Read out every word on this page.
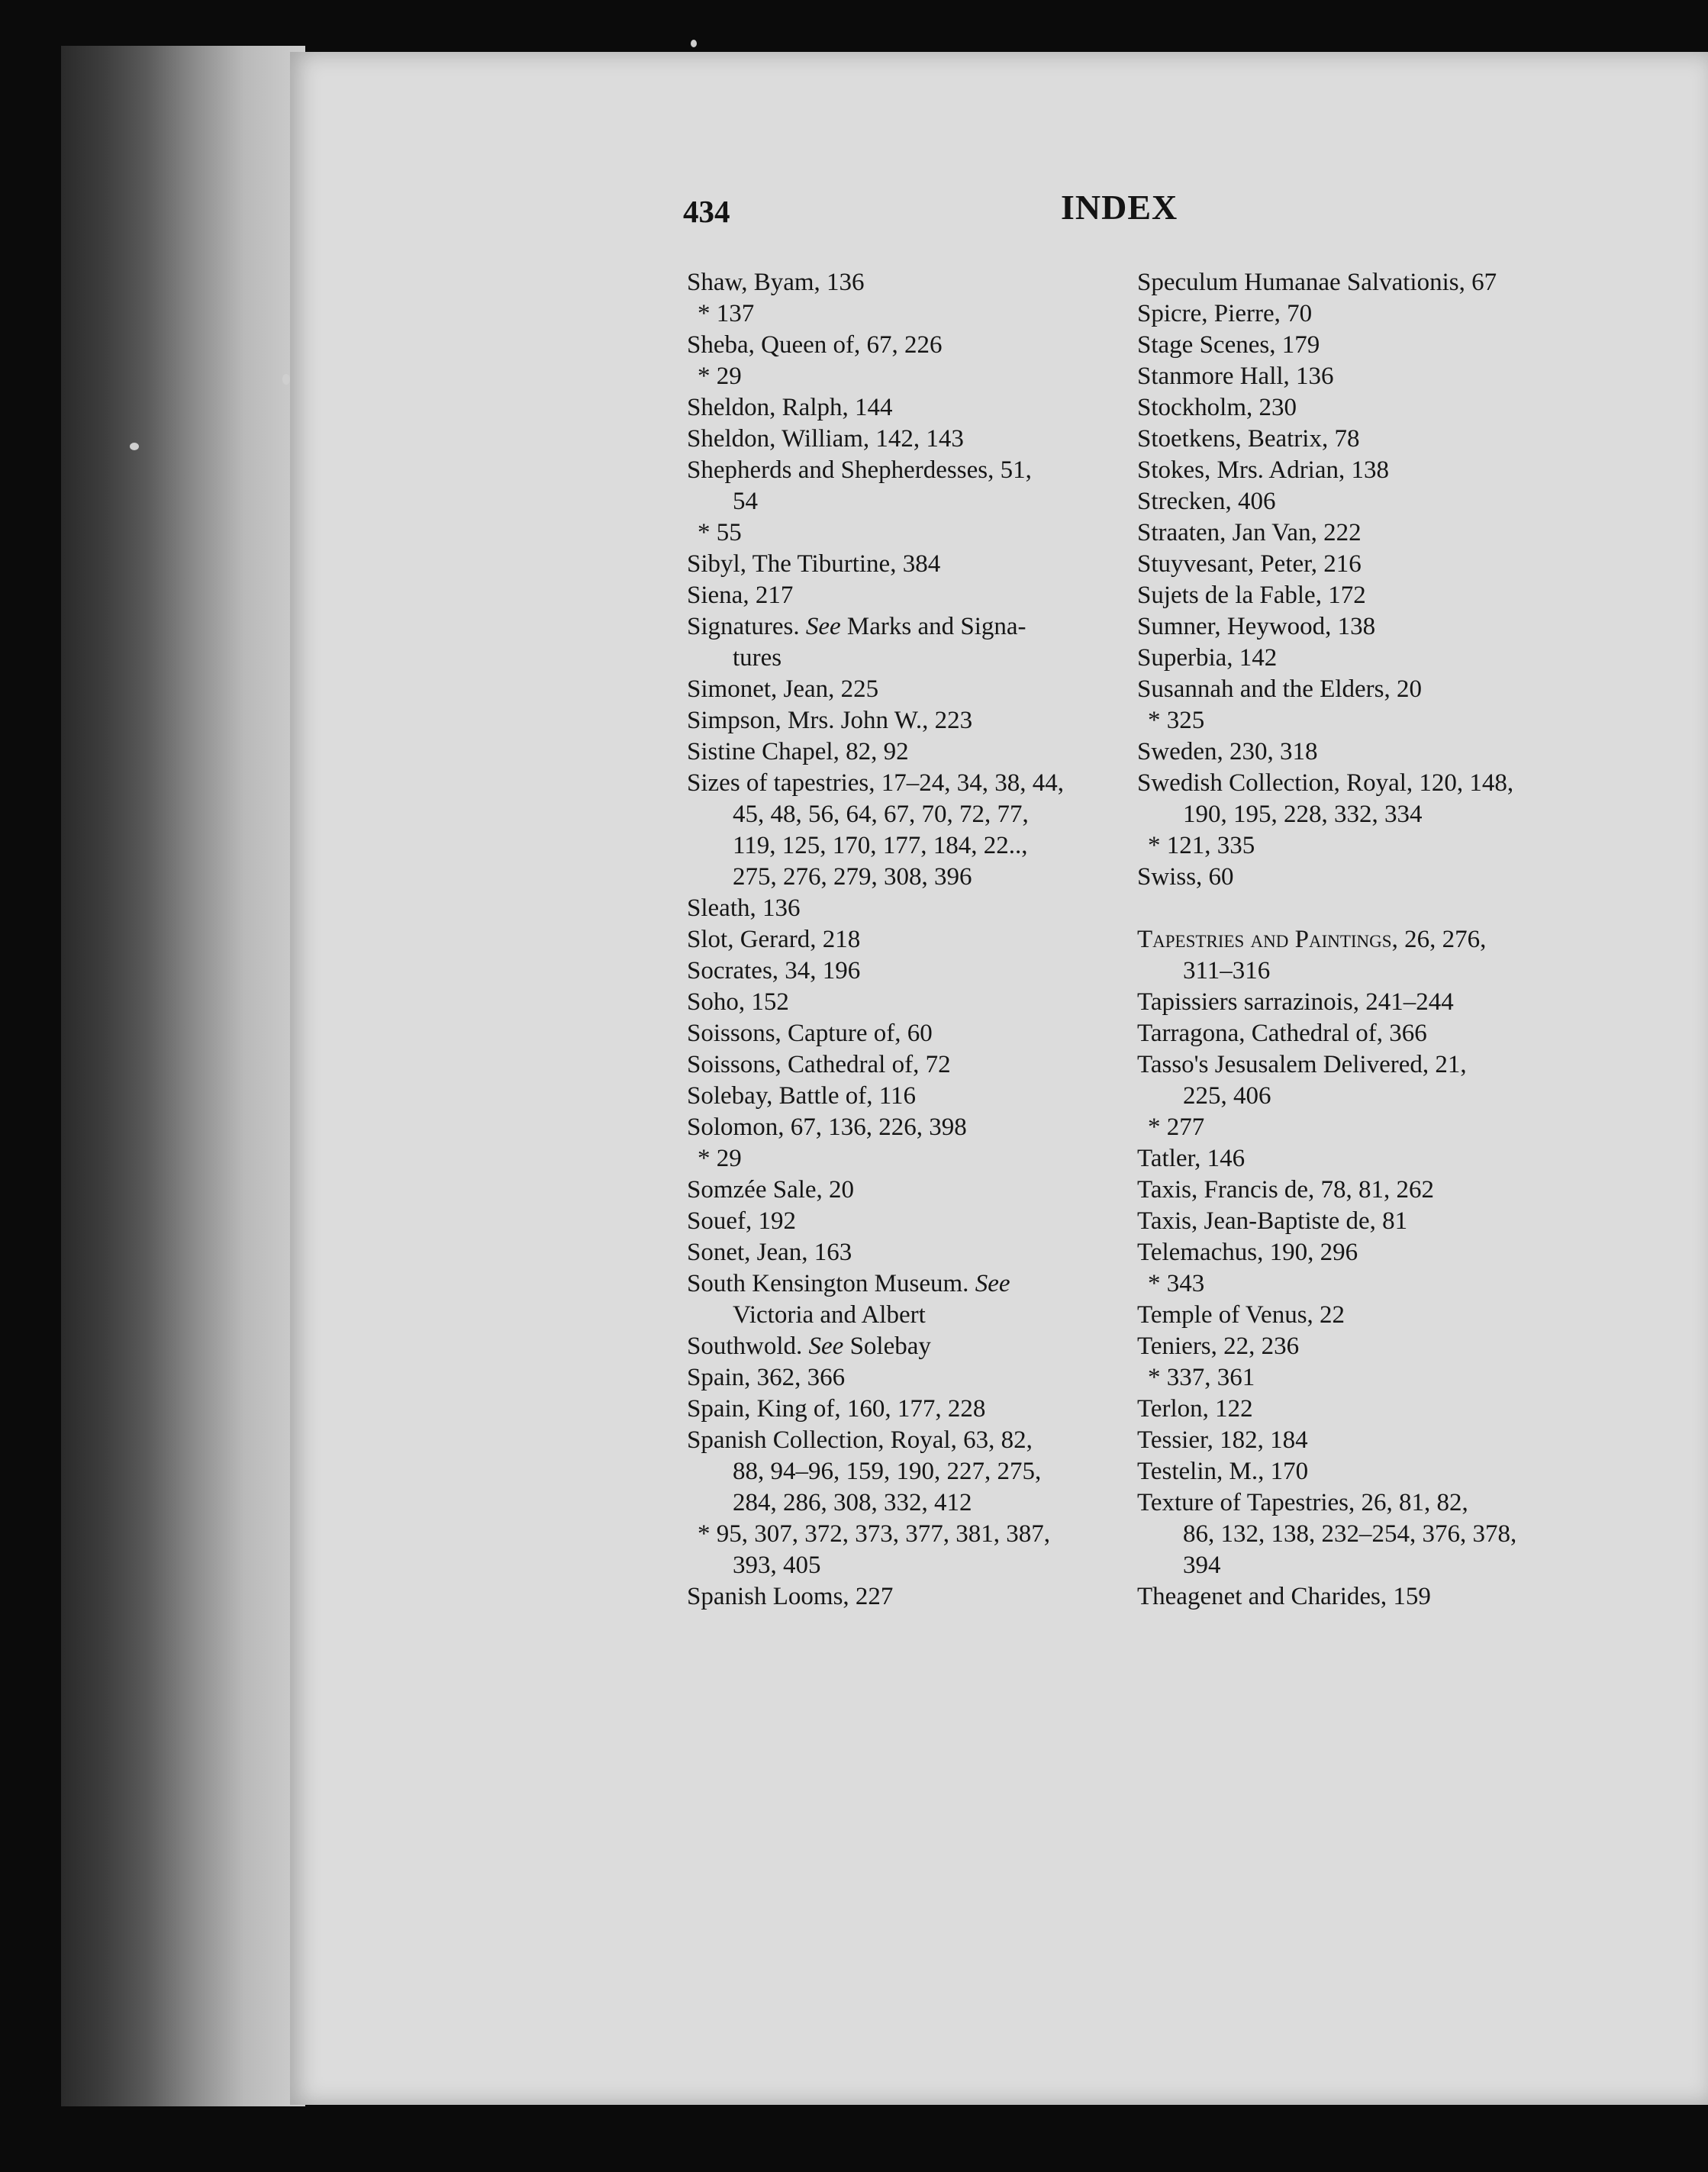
434	INDEX
Shaw, Byam, 136
* 137
Sheba, Queen of, 67, 226
* 29
Sheldon, Ralph, 144
Sheldon, William, 142, 143
Shepherds and Shepherdesses, 51,
54
* 55
Sibyl, The Tiburtine, 384
Siena, 217
Signatures. See Marks and Signa-
tures
Simonet, Jean, 225
Simpson, Mrs. John W., 223
Sistine Chapel, 82, 92
Sizes of tapestries, 17–24, 34, 38, 44,
45, 48, 56, 64, 67, 70, 72, 77,
119, 125, 170, 177, 184, 22..,
275, 276, 279, 308, 396
Sleath, 136
Slot, Gerard, 218
Socrates, 34, 196
Soho, 152
Soissons, Capture of, 60
Soissons, Cathedral of, 72
Solebay, Battle of, 116
Solomon, 67, 136, 226, 398
* 29
Somzée Sale, 20
Souef, 192
Sonet, Jean, 163
South Kensington Museum. See
Victoria and Albert
Southwold. See Solebay
Spain, 362, 366
Spain, King of, 160, 177, 228
Spanish Collection, Royal, 63, 82,
88, 94–96, 159, 190, 227, 275,
284, 286, 308, 332, 412
* 95, 307, 372, 373, 377, 381, 387,
393, 405
Spanish Looms, 227
Speculum Humanae Salvationis, 67
Spicre, Pierre, 70
Stage Scenes, 179
Stanmore Hall, 136
Stockholm, 230
Stoetkens, Beatrix, 78
Stokes, Mrs. Adrian, 138
Strecken, 406
Straaten, Jan Van, 222
Stuyvesant, Peter, 216
Sujets de la Fable, 172
Sumner, Heywood, 138
Superbia, 142
Susannah and the Elders, 20
* 325
Sweden, 230, 318
Swedish Collection, Royal, 120, 148,
190, 195, 228, 332, 334
* 121, 335
Swiss, 60
Tapestries and Paintings, 26, 276,
311–316
Tapissiers sarrazinois, 241–244
Tarragona, Cathedral of, 366
Tasso's Jesusalem Delivered, 21,
225, 406
* 277
Tatler, 146
Taxis, Francis de, 78, 81, 262
Taxis, Jean-Baptiste de, 81
Telemachus, 190, 296
* 343
Temple of Venus, 22
Teniers, 22, 236
* 337, 361
Terlon, 122
Tessier, 182, 184
Testelin, M., 170
Texture of Tapestries, 26, 81, 82,
86, 132, 138, 232–254, 376, 378,
394
Theagenet and Charides, 159
